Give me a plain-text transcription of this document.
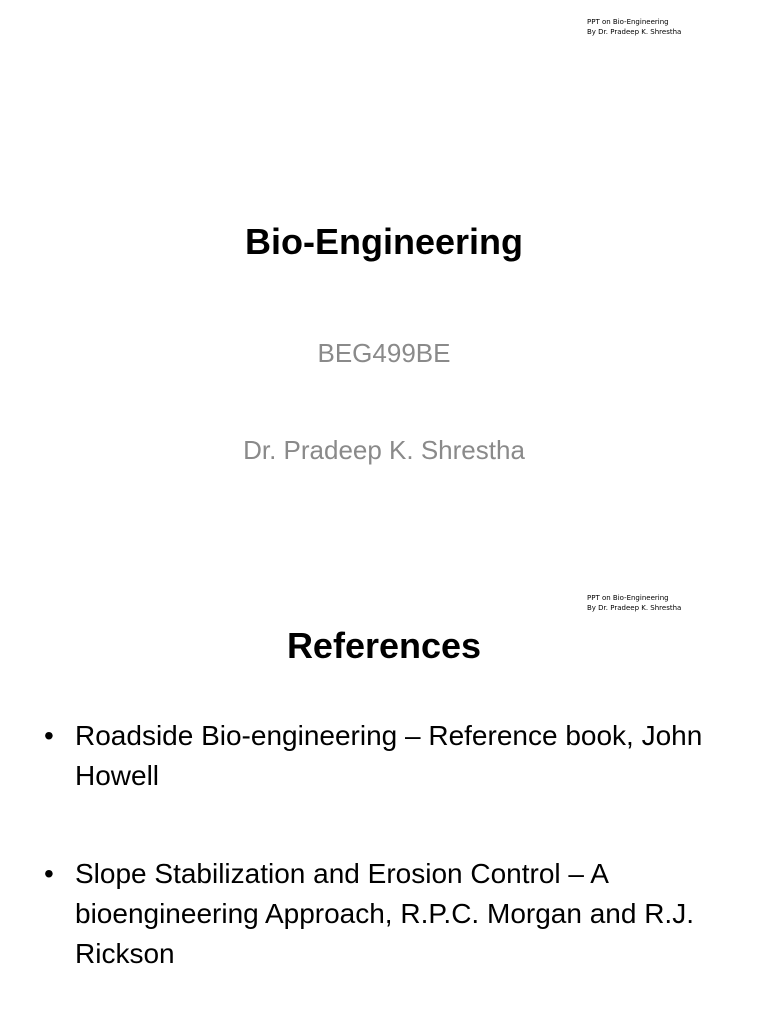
PPT on Bio-Engineering
By Dr. Pradeep K. Shrestha
Bio-Engineering
BEG499BE
Dr. Pradeep K. Shrestha
PPT on Bio-Engineering
By Dr. Pradeep K. Shrestha
References
• Roadside Bio-engineering – Reference book, John Howell
• Slope Stabilization and Erosion Control – A bioengineering Approach, R.P.C. Morgan and R.J. Rickson
